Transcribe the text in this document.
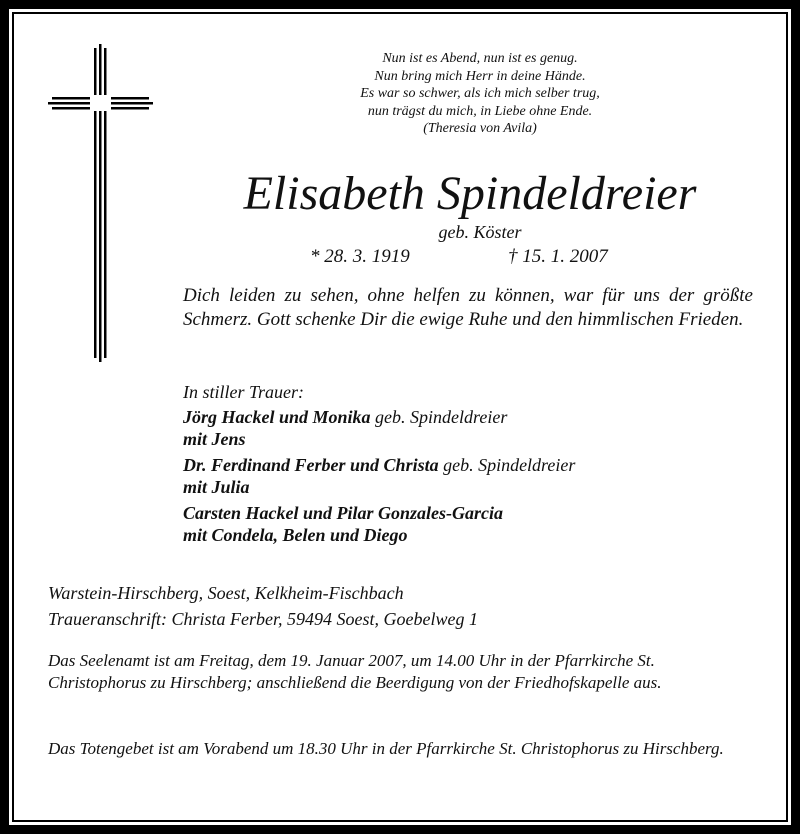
Nun ist es Abend, nun ist es genug.
Nun bring mich Herr in deine Hände.
Es war so schwer, als ich mich selber trug,
nun trägst du mich, in Liebe ohne Ende.
(Theresia von Avila)
Elisabeth Spindeldreier
geb. Köster
* 28. 3. 1919	† 15. 1. 2007
Dich leiden zu sehen, ohne helfen zu können, war für uns der größte Schmerz. Gott schenke Dir die ewige Ruhe und den himmlischen Frieden.
In stiller Trauer:
Jörg Hackel und Monika geb. Spindeldreier
mit Jens
Dr. Ferdinand Ferber und Christa geb. Spindeldreier
mit Julia
Carsten Hackel und Pilar Gonzales-Garcia
mit Condela, Belen und Diego
Warstein-Hirschberg, Soest, Kelkheim-Fischbach
Traueranschrift: Christa Ferber, 59494 Soest, Goebelweg 1
Das Seelenamt ist am Freitag, dem 19. Januar 2007, um 14.00 Uhr in der Pfarrkirche St. Christophorus zu Hirschberg; anschließend die Beerdigung von der Friedhofskapelle aus.
Das Totengebet ist am Vorabend um 18.30 Uhr in der Pfarrkirche St. Christophorus zu Hirschberg.
